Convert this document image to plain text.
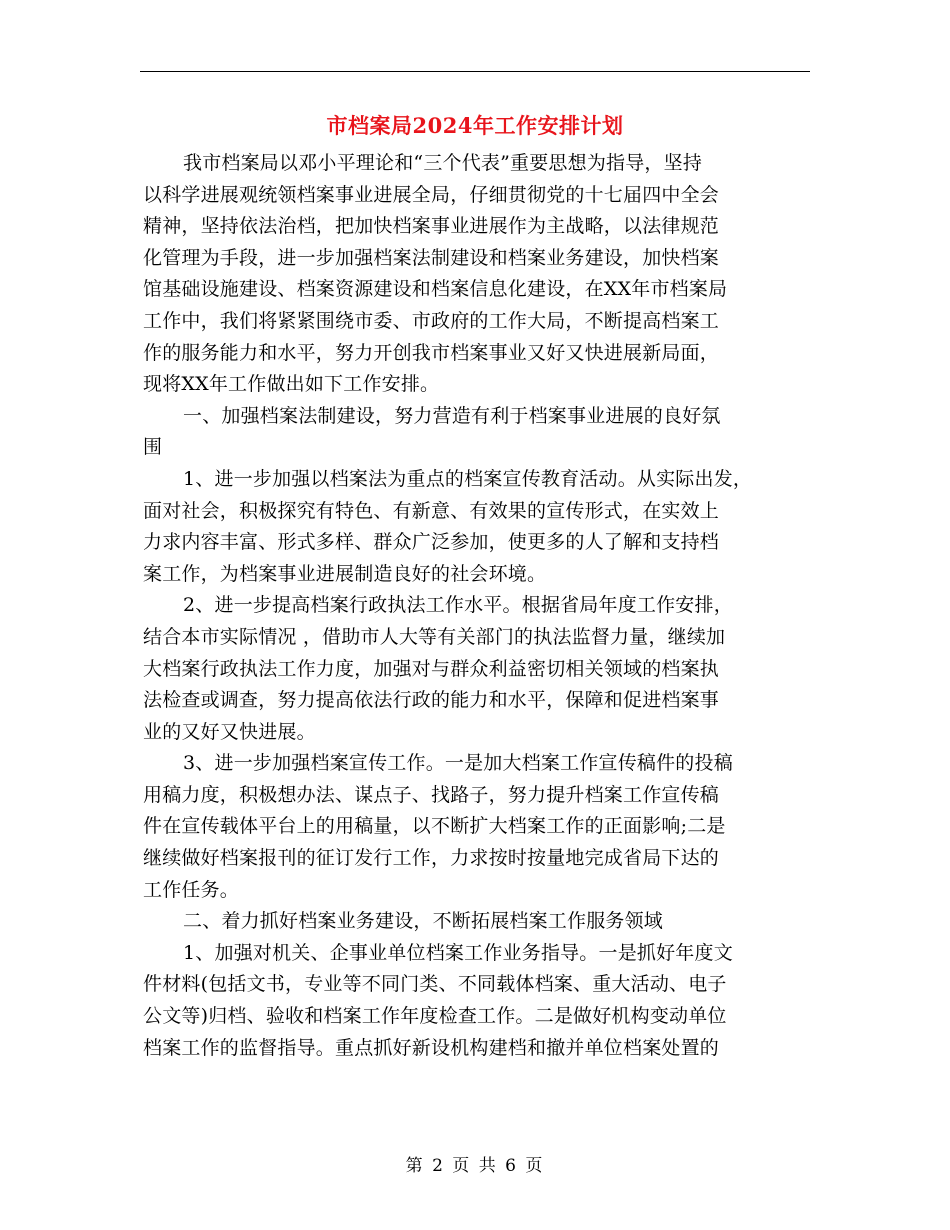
市档案局2024年工作安排计划
我市档案局以邓小平理论和“三个代表”重要思想为指导，坚持
以科学进展观统领档案事业进展全局，仔细贯彻党的十七届四中全会
精神，坚持依法治档，把加快档案事业进展作为主战略，以法律规范
化管理为手段，进一步加强档案法制建设和档案业务建设，加快档案
馆基础设施建设、档案资源建设和档案信息化建设，在XX年市档案局
工作中，我们将紧紧围绕市委、市政府的工作大局，不断提高档案工
作的服务能力和水平，努力开创我市档案事业又好又快进展新局面，
现将XX年工作做出如下工作安排。
一、加强档案法制建设，努力营造有利于档案事业进展的良好氛
围
1、进一步加强以档案法为重点的档案宣传教育活动。从实际出发，
面对社会，积极探究有特色、有新意、有效果的宣传形式，在实效上
力求内容丰富、形式多样、群众广泛参加，使更多的人了解和支持档
案工作，为档案事业进展制造良好的社会环境。
2、进一步提高档案行政执法工作水平。根据省局年度工作安排，
结合本市实际情况 ，借助市人大等有关部门的执法监督力量，继续加
大档案行政执法工作力度，加强对与群众利益密切相关领域的档案执
法检查或调查，努力提高依法行政的能力和水平，保障和促进档案事
业的又好又快进展。
3、进一步加强档案宣传工作。一是加大档案工作宣传稿件的投稿
用稿力度，积极想办法、谋点子、找路子，努力提升档案工作宣传稿
件在宣传载体平台上的用稿量，以不断扩大档案工作的正面影响;二是
继续做好档案报刊的征订发行工作，力求按时按量地完成省局下达的
工作任务。
二、着力抓好档案业务建设，不断拓展档案工作服务领域
1、加强对机关、企事业单位档案工作业务指导。一是抓好年度文
件材料(包括文书，专业等不同门类、不同载体档案、重大活动、电子
公文等)归档、验收和档案工作年度检查工作。二是做好机构变动单位
档案工作的监督指导。重点抓好新设机构建档和撤并单位档案处置的
第 2 页 共 6 页
